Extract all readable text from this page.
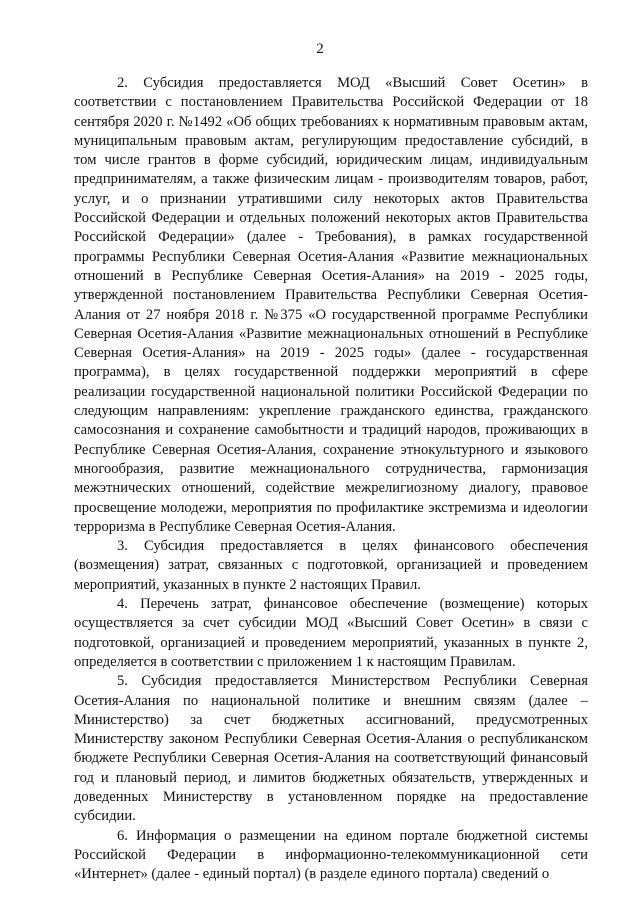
2

2. Субсидия предоставляется МОД «Высший Совет Осетин» в соответствии с постановлением Правительства Российской Федерации от 18 сентября 2020 г. №1492 «Об общих требованиях к нормативным правовым актам, муниципальным правовым актам, регулирующим предоставление субсидий, в том числе грантов в форме субсидий, юридическим лицам, индивидуальным предпринимателям, а также физическим лицам - производителям товаров, работ, услуг, и о признании утратившими силу некоторых актов Правительства Российской Федерации и отдельных положений некоторых актов Правительства Российской Федерации» (далее - Требования), в рамках государственной программы Республики Северная Осетия-Алания «Развитие межнациональных отношений в Республике Северная Осетия-Алания» на 2019 - 2025 годы, утвержденной постановлением Правительства Республики Северная Осетия-Алания от 27 ноября 2018 г. №375 «О государственной программе Республики Северная Осетия-Алания «Развитие межнациональных отношений в Республике Северная Осетия-Алания» на 2019 - 2025 годы» (далее - государственная программа), в целях государственной поддержки мероприятий в сфере реализации государственной национальной политики Российской Федерации по следующим направлениям: укрепление гражданского единства, гражданского самосознания и сохранение самобытности и традиций народов, проживающих в Республике Северная Осетия-Алания, сохранение этнокультурного и языкового многообразия, развитие межнационального сотрудничества, гармонизация межэтнических отношений, содействие межрелигиозному диалогу, правовое просвещение молодежи, мероприятия по профилактике экстремизма и идеологии терроризма в Республике Северная Осетия-Алания.

3. Субсидия предоставляется в целях финансового обеспечения (возмещения) затрат, связанных с подготовкой, организацией и проведением мероприятий, указанных в пункте 2 настоящих Правил.

4. Перечень затрат, финансовое обеспечение (возмещение) которых осуществляется за счет субсидии МОД «Высший Совет Осетин» в связи с подготовкой, организацией и проведением мероприятий, указанных в пункте 2, определяется в соответствии с приложением 1 к настоящим Правилам.

5. Субсидия предоставляется Министерством Республики Северная Осетия-Алания по национальной политике и внешним связям (далее – Министерство) за счет бюджетных ассигнований, предусмотренных Министерству законом Республики Северная Осетия-Алания о республиканском бюджете Республики Северная Осетия-Алания на соответствующий финансовый год и плановый период, и лимитов бюджетных обязательств, утвержденных и доведенных Министерству в установленном порядке на предоставление субсидии.

6. Информация о размещении на едином портале бюджетной системы Российской Федерации в информационно-телекоммуникационной сети «Интернет» (далее - единый портал) (в разделе единого портала) сведений о
